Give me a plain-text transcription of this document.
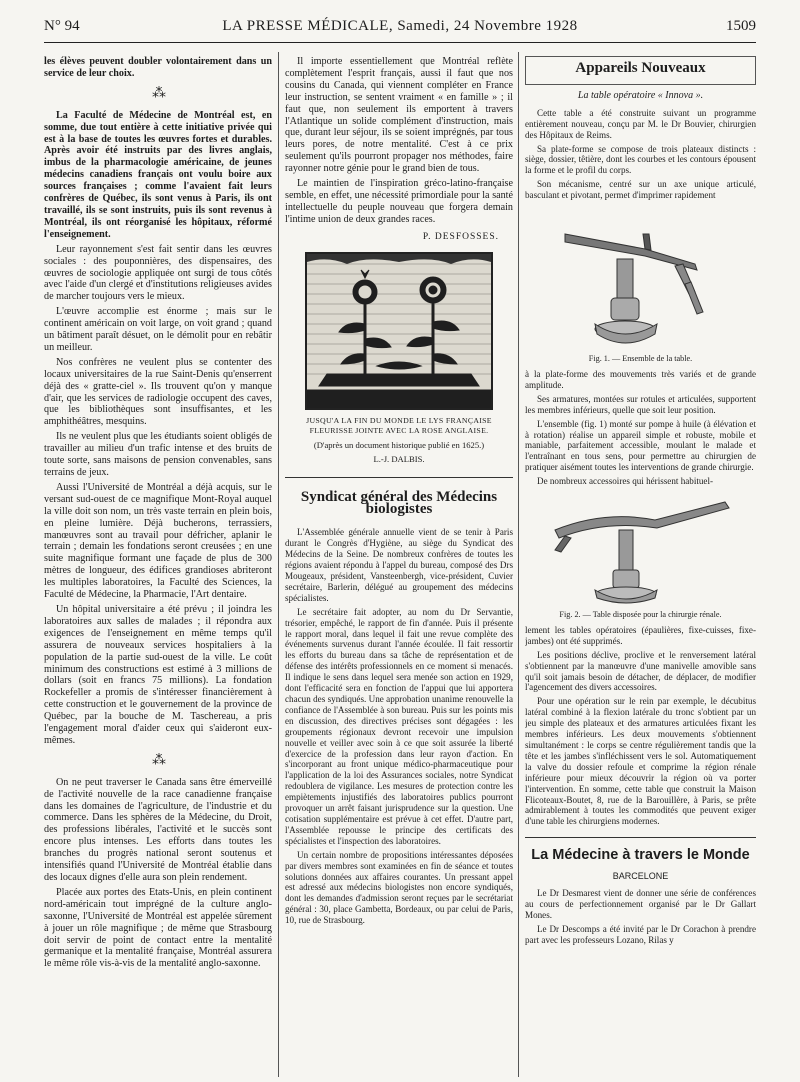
N° 94	LA PRESSE MÉDICALE, Samedi, 24 Novembre 1928	1509

les élèves peuvent doubler volontairement dans un service de leur choix.

⁂

La Faculté de Médecine de Montréal est, en somme, due tout entière à cette initiative privée qui est à la base de toutes les œuvres fortes et durables. Après avoir été instruits par des livres anglais, imbus de la pharmacologie américaine, de jeunes médecins canadiens français ont voulu boire aux sources françaises ; comme l'avaient fait leurs confrères de Québec, ils sont venus à Paris, ils ont travaillé, ils se sont instruits, puis ils sont revenus à Montréal, ils ont réorganisé les hôpitaux, réformé l'enseignement.

Leur rayonnement s'est fait sentir dans les œuvres sociales : des pouponnières, des dispensaires, des œuvres de sociologie appliquée ont surgi de tous côtés avec l'aide d'un clergé et d'institutions religieuses avides de marcher toujours vers le mieux.

L'œuvre accomplie est énorme ; mais sur le continent américain on voit large, on voit grand ; quand un bâtiment paraît désuet, on le démolit pour en rebâtir un meilleur.

Nos confrères ne veulent plus se contenter des locaux universitaires de la rue Saint-Denis qu'enserrent déjà des « gratte-ciel ». Ils trouvent qu'on y manque d'air, que les services de radiologie occupent des caves, que les bibliothèques sont insuffisantes, et les amphithéâtres, mesquins.

Ils ne veulent plus que les étudiants soient obligés de travailler au milieu d'un trafic intense et des bruits de toute sorte, sans maisons de pension convenables, sans terrains de jeux.

Aussi l'Université de Montréal a déjà acquis, sur le versant sud-ouest de ce magnifique Mont-Royal auquel la ville doit son nom, un très vaste terrain en plein bois, en pleine lumière. Déjà bucherons, terrassiers, manœuvres sont au travail pour défricher, aplanir le terrain ; demain les fondations seront creusées ; en une suite magnifique formant une façade de plus de 300 mètres de longueur, des édifices grandioses abriteront les multiples laboratoires, la Faculté des Sciences, la Faculté de Médecine, la Pharmacie, l'Art dentaire.

Un hôpital universitaire a été prévu ; il joindra les laboratoires aux salles de malades ; il répondra aux exigences de l'enseignement en même temps qu'il assurera de nouveaux services hospitaliers à la population de la partie sud-ouest de la ville. Le coût minimum des constructions est estimé à 3 millions de dollars (soit en francs 75 millions). La fondation Rockefeller a promis de s'intéresser financièrement à cette construction et le gouvernement de la province de Québec, par la bouche de M. Taschereau, a pris l'engagement moral d'aider ceux qui s'aideront eux-mêmes.

⁂

On ne peut traverser le Canada sans être émerveillé de l'activité nouvelle de la race canadienne française dans les domaines de l'agriculture, de l'industrie et du commerce. Dans les sphères de la Médecine, du Droit, des professions libérales, l'activité et le succès sont encore plus intenses. Les efforts dans toutes les branches du progrès national seront soutenus et intensifiés quand l'Université de Montréal établie dans des locaux dignes d'elle aura son plein rendement.

Placée aux portes des Etats-Unis, en plein continent nord-américain tout imprégné de la culture anglo-saxonne, l'Université de Montréal est appelée sûrement à jouer un rôle magnifique ; de même que Strasbourg doit servir de point de contact entre la mentalité germanique et la mentalité française, Montréal assurera le même rôle vis-à-vis de la mentalité anglo-saxonne.

Il importe essentiellement que Montréal reflète complètement l'esprit français, aussi il faut que nos cousins du Canada, qui viennent compléter en France leur instruction, se sentent vraiment « en famille » ; il faut que, non seulement ils emportent à travers l'Atlantique un solide complément d'instruction, mais que, durant leur séjour, ils se soient imprégnés, par tous leurs pores, de notre mentalité. C'est à ce prix seulement qu'ils pourront propager nos méthodes, faire rayonner notre génie pour le grand bien de tous.

Le maintien de l'inspiration gréco-latino-française semble, en effet, une nécessité primordiale pour la santé intellectuelle du peuple nouveau que forgera demain l'intime union de deux grandes races.

P. DESFOSSES.
JUSQU'A LA FIN DU MONDE LE LYS FRANÇAISE FLEURISSE JOINTE AVEC LA ROSE ANGLAISE.
(D'après un document historique publié en 1625.)
L.-J. DALBIS.
Syndicat général des Médecins biologistes

L'Assemblée générale annuelle vient de se tenir à Paris durant le Congrès d'Hygiène, au siège du Syndicat des Médecins de la Seine. De nombreux confrères de toutes les régions avaient répondu à l'appel du bureau, composé des Drs Mougeaux, président, Vansteenbergh, vice-président, Cuvier secrétaire, Barlerin, délégué au groupement des médecins spécialistes.

Le secrétaire fait adopter, au nom du Dr Servantie, trésorier, empêché, le rapport de fin d'année. Puis il présente le rapport moral, dans lequel il fait une revue complète des événements survenus durant l'année écoulée. Il fait ressortir les efforts du bureau dans sa tâche de représentation et de défense des intérêts professionnels en ce moment si menacés. Il indique le sens dans lequel sera menée son action en 1929, dont l'efficacité sera en fonction de l'appui que lui apportera chacun des syndiqués. Une approbation unanime renouvelle la confiance de l'Assemblée à son bureau. Puis sur les points mis en discussion, des directives précises sont dégagées : les groupements régionaux devront recevoir une impulsion nouvelle et veiller avec soin à ce que soit assurée la liberté d'exercice de la profession dans leur rayon d'action. En s'incorporant au front unique médico-pharmaceutique pour l'application de la loi des Assurances sociales, notre Syndicat redoublera de vigilance. Les mesures de protection contre les empiètements injustifiés des laboratoires publics pourront provoquer un arrêt faisant jurisprudence sur la question. Une cotisation supplémentaire est prévue à cet effet. D'autre part, l'Assemblée repousse le principe des certificats des spécialistes et l'inspection des laboratoires.

Un certain nombre de propositions intéressantes déposées par divers membres sont examinées en fin de séance et toutes solutions données aux affaires courantes. Un pressant appel est adressé aux médecins biologistes non encore syndiqués, dont les demandes d'admission seront reçues par le secrétariat général : 30, place Gambetta, Bordeaux, ou par celui de Paris, 10, rue de Strasbourg.

Appareils Nouveaux
La table opératoire « Innova ».

Cette table a été construite suivant un programme entièrement nouveau, conçu par M. le Dr Bouvier, chirurgien des Hôpitaux de Reims.

Sa plate-forme se compose de trois plateaux distincts : siège, dossier, têtière, dont les courbes et les contours épousent la forme et le profil du corps.

Son mécanisme, centré sur un axe unique articulé, basculant et pivotant, permet d'imprimer rapidement

Fig. 1. — Ensemble de la table.

à la plate-forme des mouvements très variés et de grande amplitude.

Ses armatures, montées sur rotules et articulées, supportent les membres inférieurs, quelle que soit leur position.

L'ensemble (fig. 1) monté sur pompe à huile (à élévation et à rotation) réalise un appareil simple et robuste, mobile et maniable, parfaitement accessible, moulant le malade et l'entraînant en tous sens, pour permettre au chirurgien de pratiquer aisément toutes les interventions de grande chirurgie.

De nombreux accessoires qui hérissent habituel-

Fig. 2. — Table disposée pour la chirurgie rénale.

lement les tables opératoires (épaulières, fixe-cuisses, fixe-jambes) ont été supprimés.

Les positions déclive, proclive et le renversement latéral s'obtiennent par la manœuvre d'une manivelle amovible sans qu'il soit jamais besoin de détacher, de déplacer, de modifier l'agencement des divers accessoires.

Pour une opération sur le rein par exemple, le décubitus latéral combiné à la flexion latérale du tronc s'obtient par un jeu simple des plateaux et des armatures articulées fixant les membres inférieurs. Les deux mouvements s'obtiennent simultanément : le corps se centre régulièrement tandis que la tête et les jambes s'infléchissent vers le sol. Automatiquement la valve du dossier refoule et comprime la région rénale inférieure pour mieux découvrir la région où va porter l'intervention. En somme, cette table que construit la Maison Flicoteaux-Boutet, 8, rue de la Barouillère, à Paris, se prête admirablement à toutes les commodités que peuvent exiger d'une table les chirurgiens modernes.

La Médecine à travers le Monde
BARCELONE

Le Dr Desmarest vient de donner une série de conférences au cours de perfectionnement organisé par le Dr Gallart Mones.

Le Dr Descomps a été invité par le Dr Corachon à prendre part avec les professeurs Lozano, Rilas y
